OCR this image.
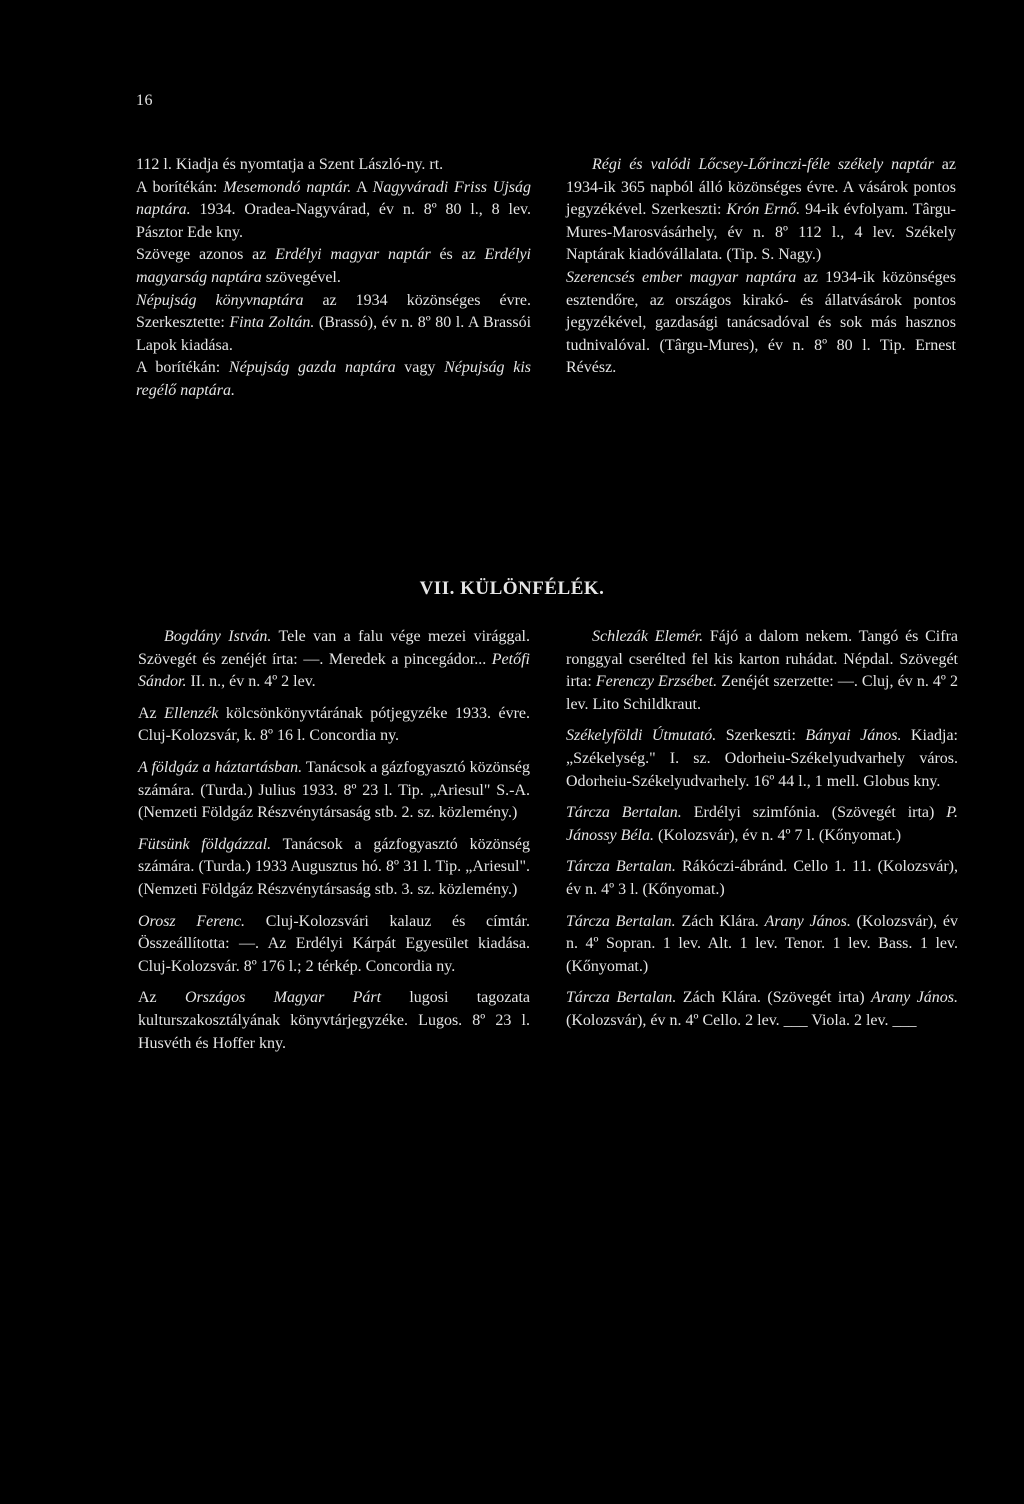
16

112 l. Kiadja és nyomtatja a Szent László-ny. rt.

A borítékán: Mesemondó naptár. A Nagyváradi Friss Ujság naptára. 1934. Oradea-Nagyvárad, év n. 8º 80 l., 8 lev. Pásztor Ede kny.

Szövege azonos az Erdélyi magyar naptár és az Erdélyi magyarság naptára szövegével.

Népujság könyvnaptára az 1934 közönséges évre. Szerkesztette: Finta Zoltán. (Brassó), év n. 8º 80 l. A Brassói Lapok kiadása.

A borítékán: Népujság gazda naptára vagy Népujság kis regélő naptára.

Régi és valódi Lőcsey-Lőrinczi-féle székely naptár az 1934-ik 365 napból álló közönséges évre. A vásárok pontos jegyzékével. Szerkeszti: Krón Ernő. 94-ik évfolyam. Târgu-Mures-Marosvásárhely, év n. 8º 112 l., 4 lev. Székely Naptárak kiadóvállalata. (Tip. S. Nagy.)

Szerencsés ember magyar naptára az 1934-ik közönséges esztendőre, az országos kirakó- és állatvásárok pontos jegyzékével, gazdasági tanácsadóval és sok más hasznos tudnivalóval. (Târgu-Mures), év n. 8º 80 l. Tip. Ernest Révész.

VII. KÜLÖNFÉLÉK.

Bogdány István. Tele van a falu vége mezei virággal. Szövegét és zenéjét írta: —. Meredek a pincegádor... Petőfi Sándor. II. n., év n. 4º 2 lev.

Az Ellenzék kölcsönkönyvtárának pótjegyzéke 1933. évre. Cluj-Kolozsvár, k. 8º 16 l. Concordia ny.

A földgáz a háztartásban. Tanácsok a gázfogyasztó közönség számára. (Turda.) Julius 1933. 8º 23 l. Tip. „Ariesul" S.-A. (Nemzeti Földgáz Részvénytársaság stb. 2. sz. közlemény.)

Fütsünk földgázzal. Tanácsok a gázfogyasztó közönség számára. (Turda.) 1933 Augusztus hó. 8º 31 l. Tip. „Ariesul". (Nemzeti Földgáz Részvénytársaság stb. 3. sz. közlemény.)

Orosz Ferenc. Cluj-Kolozsvári kalauz és címtár. Összeállította: —. Az Erdélyi Kárpát Egyesület kiadása. Cluj-Kolozsvár. 8º 176 l.; 2 térkép. Concordia ny.

Az Országos Magyar Párt lugosi tagozata kulturszakosztályának könyvtárjegyzéke. Lugos. 8º 23 l. Husvéth és Hoffer kny.

Schlezák Elemér. Fájó a dalom nekem. Tangó és Cifra ronggyal cserélted fel kis karton ruhádat. Népdal. Szövegét irta: Ferenczy Erzsébet. Zenéjét szerzette: —. Cluj, év n. 4º 2 lev. Lito Schildkraut.

Székelyföldi Útmutató. Szerkeszti: Bányai János. Kiadja: „Székelység." I. sz. Odorheiu-Székelyudvarhely város. Odorheiu-Székelyudvarhely. 16º 44 l., 1 mell. Globus kny.

Tárcza Bertalan. Erdélyi szimfónia. (Szövegét irta) P. Jánossy Béla. (Kolozsvár), év n. 4º 7 l. (Kőnyomat.)

Tárcza Bertalan. Rákóczi-ábránd. Cello 1. 11. (Kolozsvár), év n. 4º 3 l. (Kőnyomat.)

Tárcza Bertalan. Zách Klára. Arany János. (Kolozsvár), év n. 4º Sopran. 1 lev. Alt. 1 lev. Tenor. 1 lev. Bass. 1 lev. (Kőnyomat.)

Tárcza Bertalan. Zách Klára. (Szövegét irta) Arany János. (Kolozsvár), év n. 4º Cello. 2 lev. ___ Viola. 2 lev. ___
